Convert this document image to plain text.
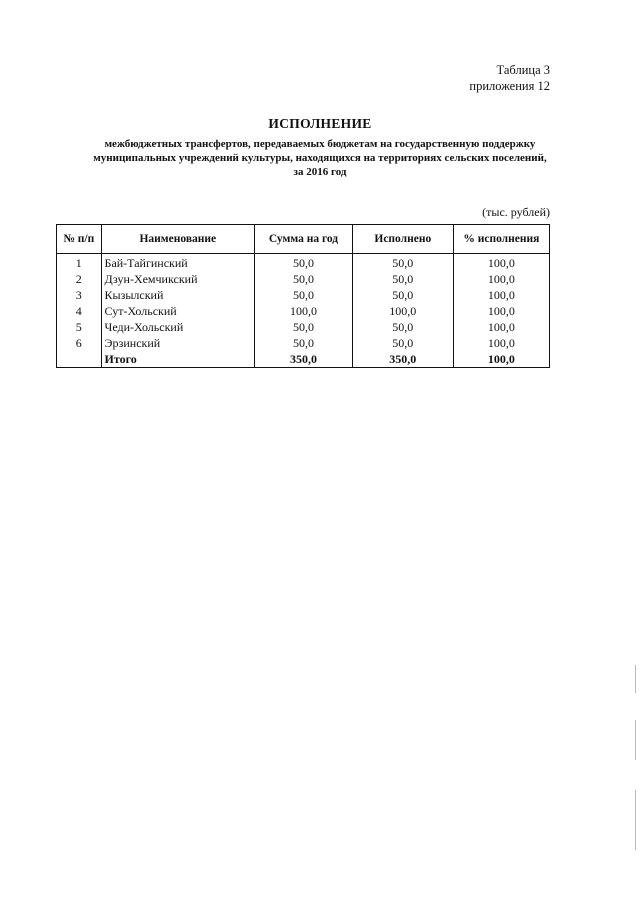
Таблица 3
приложения 12
ИСПОЛНЕНИЕ
межбюджетных трансфертов, передаваемых бюджетам на государственную поддержку
муниципальных учреждений культуры, находящихся на территориях сельских поселений,
за 2016 год
(тыс. рублей)
№ п/п	Наименование	Сумма на год	Исполнено	% исполнения
1	Бай-Тайгинский	50,0	50,0	100,0
2	Дзун-Хемчикский	50,0	50,0	100,0
3	Кызылский	50,0	50,0	100,0
4	Сут-Хольский	100,0	100,0	100,0
5	Чеди-Хольский	50,0	50,0	100,0
6	Эрзинский	50,0	50,0	100,0
	Итого	350,0	350,0	100,0
